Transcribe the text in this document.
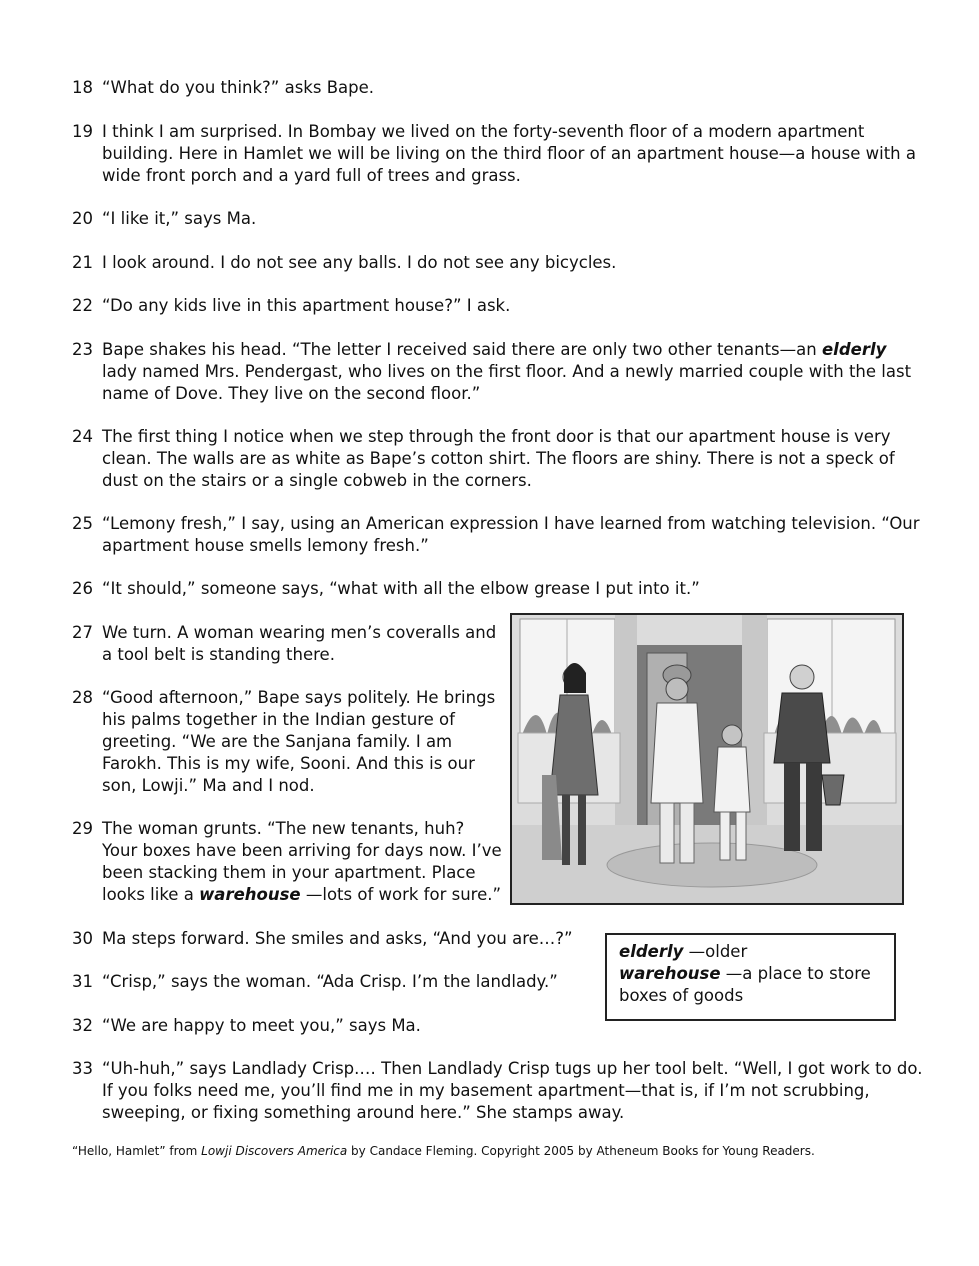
18 “What do you think?” asks Bape.
19 I think I am surprised. In Bombay we lived on the forty-seventh floor of a modern apartment
building. Here in Hamlet we will be living on the third floor of an apartment house—a house with a
wide front porch and a yard full of trees and grass.
20 “I like it,” says Ma.
21 I look around. I do not see any balls. I do not see any bicycles.
22 “Do any kids live in this apartment house?” I ask.
23 Bape shakes his head. “The letter I received said there are only two other tenants—an elderly
lady named Mrs. Pendergast, who lives on the first floor. And a newly married couple with the last
name of Dove. They live on the second floor.”
24 The first thing I notice when we step through the front door is that our apartment house is very
clean. The walls are as white as Bape’s cotton shirt. The floors are shiny. There is not a speck of
dust on the stairs or a single cobweb in the corners.
25 “Lemony fresh,” I say, using an American expression I have learned from watching television. “Our
apartment house smells lemony fresh.”
26 “It should,” someone says, “what with all the elbow grease I put into it.”
27 We turn. A woman wearing men’s coveralls and
a tool belt is standing there.
28 “Good afternoon,” Bape says politely. He brings
his palms together in the Indian gesture of
greeting. “We are the Sanjana family. I am
Farokh. This is my wife, Sooni. And this is our
son, Lowji.” Ma and I nod.
29 The woman grunts. “The new tenants, huh?
Your boxes have been arriving for days now. I’ve
been stacking them in your apartment. Place
looks like a warehouse —lots of work for sure.”
elderly —older
warehouse —a place to store
boxes of goods
30 Ma steps forward. She smiles and asks, “And you are…?”
31 “Crisp,” says the woman. “Ada Crisp. I’m the landlady.”
32 “We are happy to meet you,” says Ma.
33 “Uh-huh,” says Landlady Crisp.… Then Landlady Crisp tugs up her tool belt. “Well, I got work to do.
If you folks need me, you’ll find me in my basement apartment—that is, if I’m not scrubbing,
sweeping, or fixing something around here.” She stamps away.
“Hello, Hamlet” from Lowji Discovers America by Candace Fleming. Copyright 2005 by Atheneum Books for Young Readers.
